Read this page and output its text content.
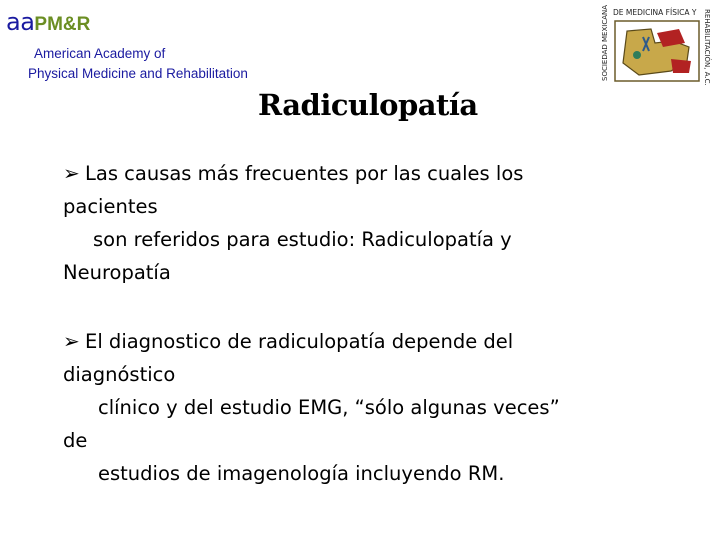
aaPM&R
American Academy of
Physical Medicine and Rehabilitation	SOCIEDAD MEXICANA DE MEDICINA FÍSICA Y REHABILITACIÓN, A.C.
Radiculopatía
➢ Las causas más frecuentes por las cuales los
pacientes
son referidos para estudio: Radiculopatía y
Neuropatía
➢ El diagnostico de radiculopatía depende del
diagnóstico
clínico y del estudio EMG, “sólo algunas veces”
de
estudios de imagenología incluyendo RM.
